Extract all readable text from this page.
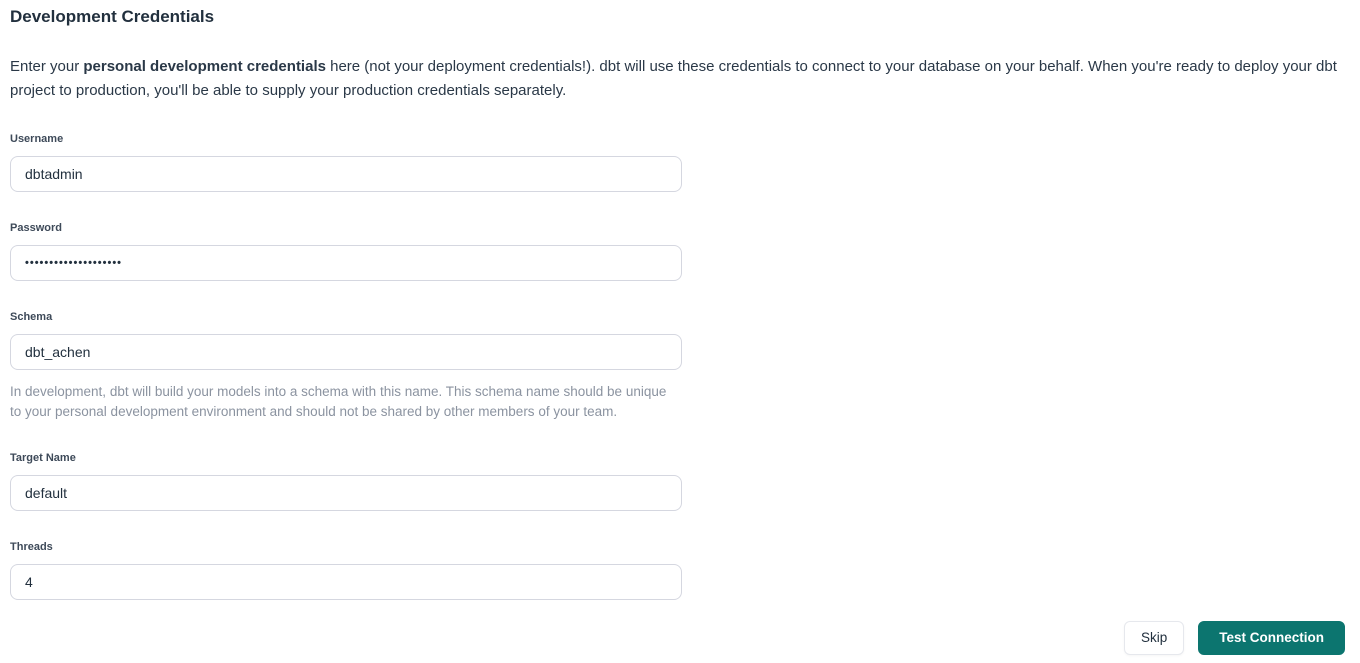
Development Credentials

Enter your personal development credentials here (not your deployment credentials!). dbt will use these credentials to connect to your database on your behalf. When you're ready to deploy your dbt project to production, you'll be able to supply your production credentials separately.

Username
dbtadmin
Password
••••••••••••••••••••
Schema
dbt_achen

In development, dbt will build your models into a schema with this name. This schema name should be unique to your personal development environment and should not be shared by other members of your team.

Target Name
default
Threads
4
Skip	Test Connection
